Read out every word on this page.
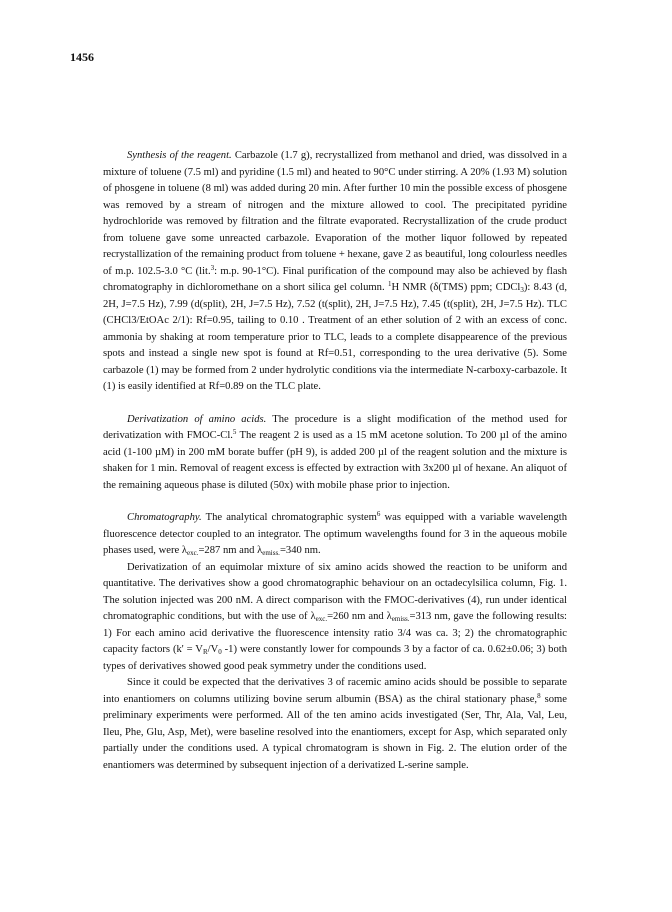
1456

Synthesis of the reagent. Carbazole (1.7 g), recrystallized from methanol and dried, was dissolved in a mixture of toluene (7.5 ml) and pyridine (1.5 ml) and heated to 90°C under stirring. A 20% (1.93 M) solution of phosgene in toluene (8 ml) was added during 20 min. After further 10 min the possible excess of phosgene was removed by a stream of nitrogen and the mixture allowed to cool. The precipitated pyridine hydrochloride was removed by filtration and the filtrate evaporated. Recrystallization of the crude product from toluene gave some unreacted carbazole. Evaporation of the mother liquor followed by repeated recrystallization of the remaining product from toluene + hexane, gave 2 as beautiful, long colourless needles of m.p. 102.5-3.0 °C (lit.$^3$: m.p. 90-1°C). Final purification of the compound may also be achieved by flash chromatography in dichloromethane on a short silica gel column. $^1$H NMR (δ(TMS) ppm; CDCl$_3$): 8.43 (d, 2H, J=7.5 Hz), 7.99 (d(split), 2H, J=7.5 Hz), 7.52 (t(split), 2H, J=7.5 Hz), 7.45 (t(split), 2H, J=7.5 Hz). TLC (CHCl3/EtOAc 2/1): Rf=0.95, tailing to 0.10 . Treatment of an ether solution of 2 with an excess of conc. ammonia by shaking at room temperature prior to TLC, leads to a complete disappearence of the previous spots and instead a single new spot is found at Rf=0.51, corresponding to the urea derivative (5). Some carbazole (1) may be formed from 2 under hydrolytic conditions via the intermediate N-carboxy-carbazole. It (1) is easily identified at Rf=0.89 on the TLC plate.

Derivatization of amino acids. The procedure is a slight modification of the method used for derivatization with FMOC-Cl.$^5$ The reagent 2 is used as a 15 mM acetone solution. To 200 µl of the amino acid (1-100 µM) in 200 mM borate buffer (pH 9), is added 200 µl of the reagent solution and the mixture is shaken for 1 min. Removal of reagent excess is effected by extraction with 3x200 µl of hexane. An aliquot of the remaining aqueous phase is diluted (50x) with mobile phase prior to injection.

Chromatography. The analytical chromatographic system$^6$ was equipped with a variable wavelength fluorescence detector coupled to an integrator. The optimum wavelengths found for 3 in the aqueous mobile phases used, were $\lambda_{exc.}=287$ nm and $\lambda_{emiss.}=340$ nm.

Derivatization of an equimolar mixture of six amino acids showed the reaction to be uniform and quantitative. The derivatives show a good chromatographic behaviour on an octadecylsilica column, Fig. 1. The solution injected was 200 nM. A direct comparison with the FMOC-derivatives (4), run under identical chromatographic conditions, but with the use of $\lambda_{exc.}=260$ nm and $\lambda_{emiss.}=313$ nm, gave the following results: 1) For each amino acid derivative the fluorescence intensity ratio 3/4 was ca. 3; 2) the chromatographic capacity factors ($k' = V_R/V_0$ -1) were constantly lower for compounds 3 by a factor of ca. 0.62±0.06; 3) both types of derivatives showed good peak symmetry under the conditions used.

Since it could be expected that the derivatives 3 of racemic amino acids should be possible to separate into enantiomers on columns utilizing bovine serum albumin (BSA) as the chiral stationary phase,$^8$ some preliminary experiments were performed. All of the ten amino acids investigated (Ser, Thr, Ala, Val, Leu, Ileu, Phe, Glu, Asp, Met), were baseline resolved into the enantiomers, except for Asp, which separated only partially under the conditions used. A typical chromatogram is shown in Fig. 2. The elution order of the enantiomers was determined by subsequent injection of a derivatized L-serine sample.
